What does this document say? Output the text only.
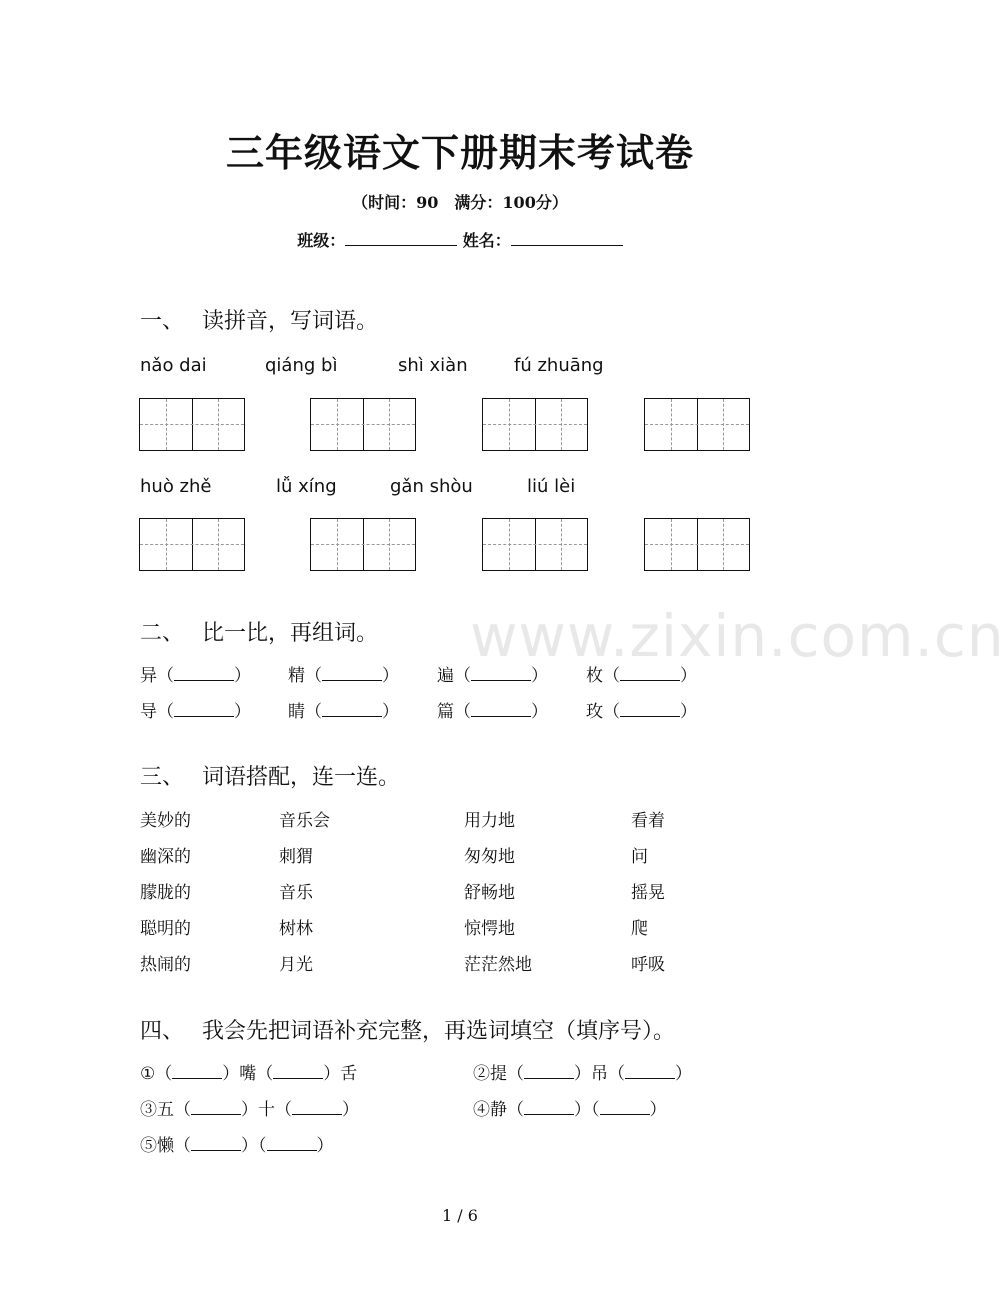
www.zixin.com.cn
三年级语文下册期末考试卷
（时间：90　满分：100分）
班级：	姓名：
一、 读拼音，写词语。
nǎo dai	qiáng bì	shì xiàn	fú zhuāng
huò zhě	lǚ xíng	gǎn shòu	liú lèi
二、 比一比，再组词。
异（	） 精（	） 遍（	） 枚（	）
导（	） 睛（	） 篇（	） 玫（	）
三、 词语搭配，连一连。
美妙的	音乐会	用力地	看着
幽深的	刺猬	匆匆地	问
朦胧的	音乐	舒畅地	摇晃
聪明的	树林	惊愕地	爬
热闹的	月光	茫茫然地	呼吸
四、 我会先把词语补充完整，再选词填空（填序号）。
①（	）嘴（	）舌	②提（	）吊（	）
③五（	）十（	）	④静（	）（	）
⑤懒（	）（	）
1 / 6
